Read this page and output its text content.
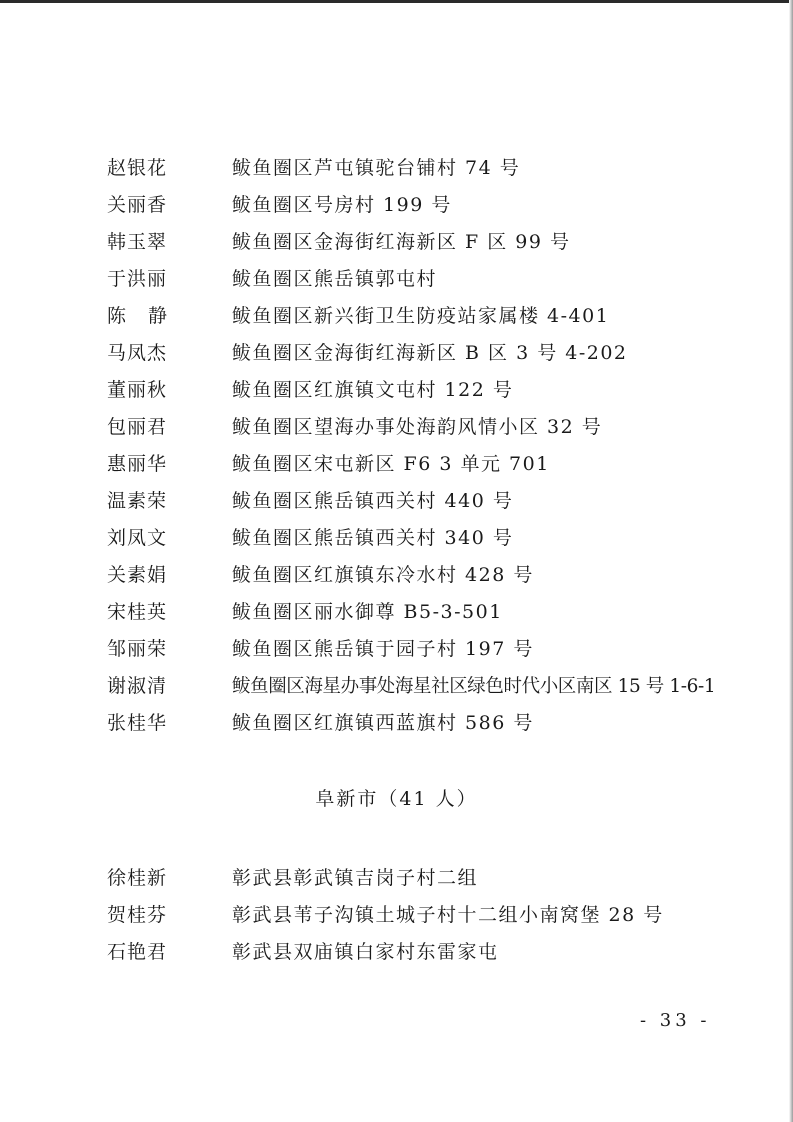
赵银花	鲅鱼圈区芦屯镇驼台铺村 74 号
关丽香	鲅鱼圈区号房村 199 号
韩玉翠	鲅鱼圈区金海街红海新区 F 区 99 号
于洪丽	鲅鱼圈区熊岳镇郭屯村
陈静 鲅鱼圈区新兴街卫生防疫站家属楼 4-401
马凤杰	鲅鱼圈区金海街红海新区 B 区 3 号 4-202
董丽秋	鲅鱼圈区红旗镇文屯村 122 号
包丽君	鲅鱼圈区望海办事处海韵风情小区 32 号
惠丽华	鲅鱼圈区宋屯新区 F6 3 单元 701
温素荣	鲅鱼圈区熊岳镇西关村 440 号
刘凤文	鲅鱼圈区熊岳镇西关村 340 号
关素娟	鲅鱼圈区红旗镇东冷水村 428 号
宋桂英	鲅鱼圈区丽水御尊 B5-3-501
邹丽荣	鲅鱼圈区熊岳镇于园子村 197 号
谢淑清	鲅鱼圈区海星办事处海星社区绿色时代小区南区 15 号 1-6-1
张桂华	鲅鱼圈区红旗镇西蓝旗村 586 号
阜新市（41 人）
徐桂新	彰武县彰武镇吉岗子村二组
贺桂芬	彰武县苇子沟镇土城子村十二组小南窝堡 28 号
石艳君	彰武县双庙镇白家村东雷家屯
- 33 -
